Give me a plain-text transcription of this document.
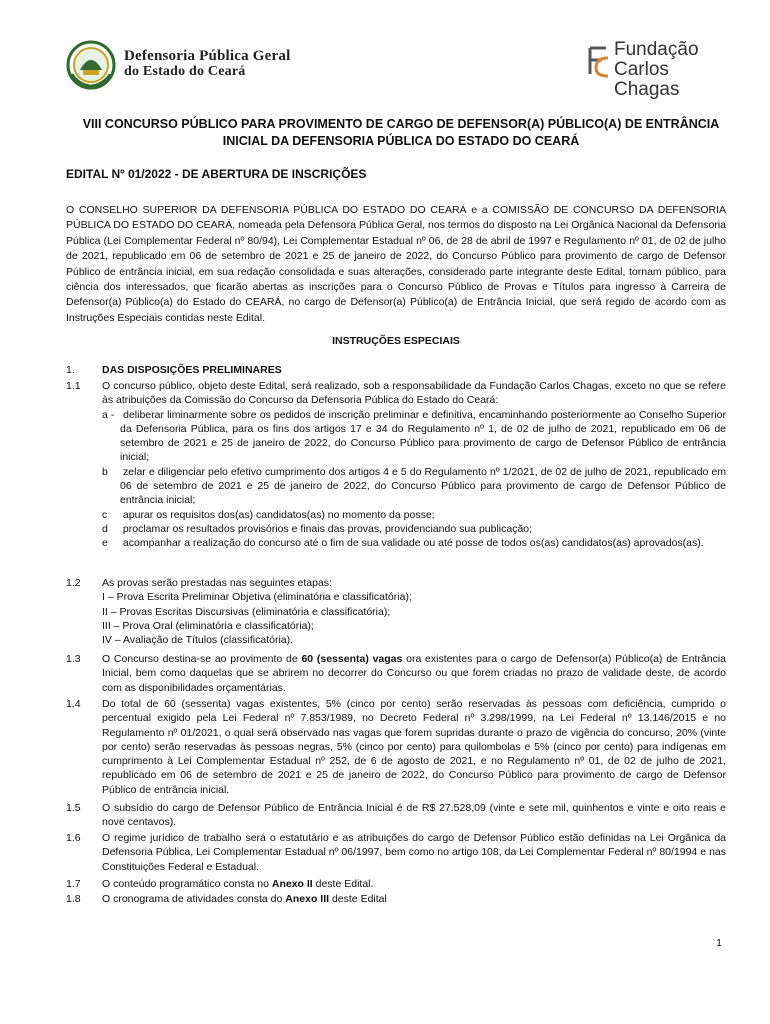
Defensoria Pública Geral
do Estado do Ceará
Fundação
Carlos Chagas
VIII CONCURSO PÚBLICO PARA PROVIMENTO DE CARGO DE DEFENSOR(A) PÚBLICO(A) DE ENTRÂNCIA
INICIAL DA DEFENSORIA PÚBLICA DO ESTADO DO CEARÁ
EDITAL Nº 01/2022 - DE ABERTURA DE INSCRIÇÕES
O CONSELHO SUPERIOR DA DEFENSORIA PÚBLICA DO ESTADO DO CEARÁ e a COMISSÃO DE CONCURSO DA DEFENSORIA PÚBLICA DO ESTADO DO CEARÁ, nomeada pela Defensora Pública Geral, nos termos do disposto na Lei Orgânica Nacional da Defensoria Pública (Lei Complementar Federal nº 80/94), Lei Complementar Estadual nº 06, de 28 de abril de 1997 e Regulamento nº 01, de 02 de julho de 2021, republicado em 06 de setembro de 2021 e 25 de janeiro de 2022, do Concurso Público para provimento de cargo de Defensor Público de entrância inicial, em sua redação consolidada e suas alterações, considerado parte integrante deste Edital, tornam público, para ciência dos interessados, que ficarão abertas as inscrições para o Concurso Público de Provas e Títulos para ingresso à Carreira de Defensor(a) Público(a) do Estado do CEARÁ, no cargo de Defensor(a) Público(a) de Entrância Inicial, que será regido de acordo com as Instruções Especiais contidas neste Edital.
INSTRUÇÕES ESPECIAIS
1.	DAS DISPOSIÇÕES PRELIMINARES
1.1 O concurso público, objeto deste Edital, será realizado, sob a responsabilidade da Fundação Carlos Chagas, exceto no que se refere às atribuições da Comissão do Concurso da Defensoria Pública do Estado do Ceará:
a - deliberar liminarmente sobre os pedidos de inscrição preliminar e definitiva, encaminhando posteriormente ao Conselho Superior da Defensoria Pública, para os fins dos artigos 17 e 34 do Regulamento nº 1, de 02 de julho de 2021, republicado em 06 de setembro de 2021 e 25 de janeiro de 2022, do Concurso Público para provimento de cargo de Defensor Público de entrância inicial;
b zelar e diligenciar pelo efetivo cumprimento dos artigos 4 e 5 do Regulamento nº 1/2021, de 02 de julho de 2021, republicado em 06 de setembro de 2021 e 25 de janeiro de 2022, do Concurso Público para provimento de cargo de Defensor Público de entrância inicial;
c apurar os requisitos dos(as) candidatos(as) no momento da posse;
d proclamar os resultados provisórios e finais das provas, providenciando sua publicação;
e acompanhar a realização do concurso até o fim de sua validade ou até posse de todos os(as) candidatos(as) aprovados(as).
1.2 As provas serão prestadas nas seguintes etapas:
I – Prova Escrita Preliminar Objetiva (eliminatória e classificatória);
II – Provas Escritas Discursivas (eliminatória e classificatória);
III – Prova Oral (eliminatória e classificatória);
IV – Avaliação de Títulos (classificatória).
1.3 O Concurso destina-se ao provimento de 60 (sessenta) vagas ora existentes para o cargo de Defensor(a) Público(a) de Entrância Inicial, bem como daquelas que se abrirem no decorrer do Concurso ou que forem criadas no prazo de validade deste, de acordo com as disponibilidades orçamentárias.
1.4 Do total de 60 (sessenta) vagas existentes, 5% (cinco por cento) serão reservadas às pessoas com deficiência, cumprido o percentual exigido pela Lei Federal nº 7.853/1989, no Decreto Federal nº 3.298/1999, na Lei Federal nº 13.146/2015 e no Regulamento nº 01/2021, o qual será observado nas vagas que forem supridas durante o prazo de vigência do concurso, 20% (vinte por cento) serão reservadas às pessoas negras, 5% (cinco por cento) para quilombolas e 5% (cinco por cento) para indígenas em cumprimento à Lei Complementar Estadual nº 252, de 6 de agosto de 2021, e no Regulamento nº 01, de 02 de julho de 2021, republicado em 06 de setembro de 2021 e 25 de janeiro de 2022, do Concurso Público para provimento de cargo de Defensor Público de entrância inicial.
1.5 O subsídio do cargo de Defensor Público de Entrância Inicial é de R$ 27.528,09 (vinte e sete mil, quinhentos e vinte e oito reais e nove centavos).
1.6 O regime jurídico de trabalho será o estatutário e as atribuições do cargo de Defensor Público estão definidas na Lei Orgânica da Defensoria Pública, Lei Complementar Estadual nº 06/1997, bem como no artigo 108, da Lei Complementar Federal nº 80/1994 e nas Constituições Federal e Estadual.
1.7 O conteúdo programático consta no Anexo II deste Edital.
1.8 O cronograma de atividades consta do Anexo III deste Edital
1
